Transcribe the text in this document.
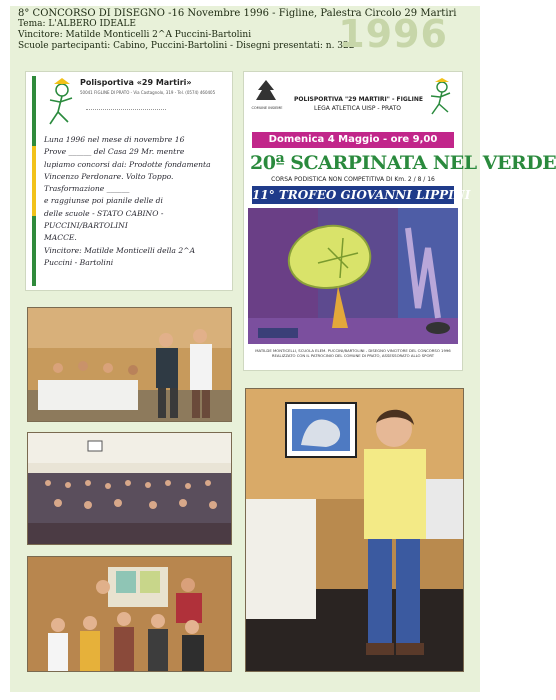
8° CONCORSO DI DISEGNO -16 Novembre 1996 - Figline, Palestra Circolo 29 Martiri
Tema: L'ALBERO IDEALE
Vincitore: Matilde Monticelli 2^A Puccini-Bartolini
Scuole partecipanti: Cabino, Puccini-Bartolini - Disegni presentati: n. 322
1996
Polisportiva «29 Martiri»
50041 FIGLINE DI PRATO - Via Castagnolo, 319 - Tel. (0574) 460405
Luna 1996 nel mese di novembre 16
Prove ______ del Casa 29 Mr. mentre
lupiamo concorsi dai: Prodotte fondamenta
Vincenzo Perdonare. Volto Toppo.
Trasformazione ______
e raggiunse poi pianile delle di
delle scuole - STATO CABINO - PUCCINI/BARTOLINI
MACCE.
Vincitore: Matilde Monticelli della 2^A
Puccini - Bartolini
COMUNE INSIEME
POLISPORTIVA "29 MARTIRI" - FIGLINE
LEGA ATLETICA UISP - PRATO
Domenica 4 Maggio - ore 9,00
20ª SCARPINATA NEL VERDE
CORSA PODISTICA NON COMPETITIVA DI Km. 2 / 8 / 16
11° TROFEO GIOVANNI LIPPINI
MATILDE MONTICELLI, SCUOLA ELEM. PUCCINI/BARTOLINI - DISEGNO VINCITORE DEL CONCORSO 1996 REALIZZATO CON IL PATROCINIO DEL COMUNE DI PRATO, ASSESSORATO ALLO SPORT
